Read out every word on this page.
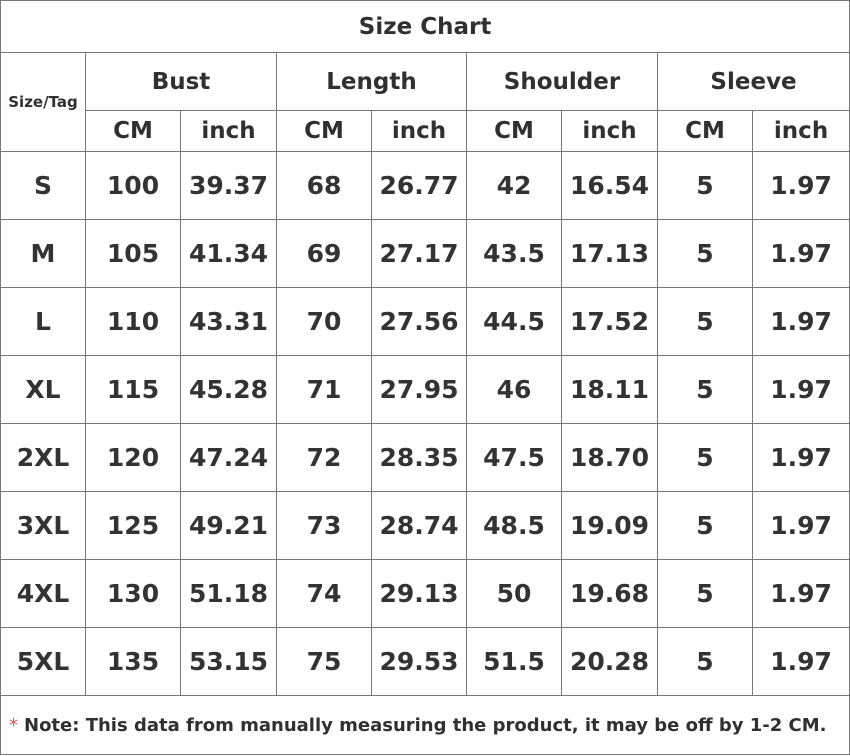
Size Chart								
Size/Tag	Bust		Length		Shoulder		Sleeve	
	CM	inch	CM	inch	CM	inch	CM	inch
S	100	39.37	68	26.77	42	16.54	5	1.97
M	105	41.34	69	27.17	43.5	17.13	5	1.97
L	110	43.31	70	27.56	44.5	17.52	5	1.97
XL	115	45.28	71	27.95	46	18.11	5	1.97
2XL	120	47.24	72	28.35	47.5	18.70	5	1.97
3XL	125	49.21	73	28.74	48.5	19.09	5	1.97
4XL	130	51.18	74	29.13	50	19.68	5	1.97
5XL	135	53.15	75	29.53	51.5	20.28	5	1.97
* Note: This data from manually measuring the product, it may be off by 1-2 CM.								
